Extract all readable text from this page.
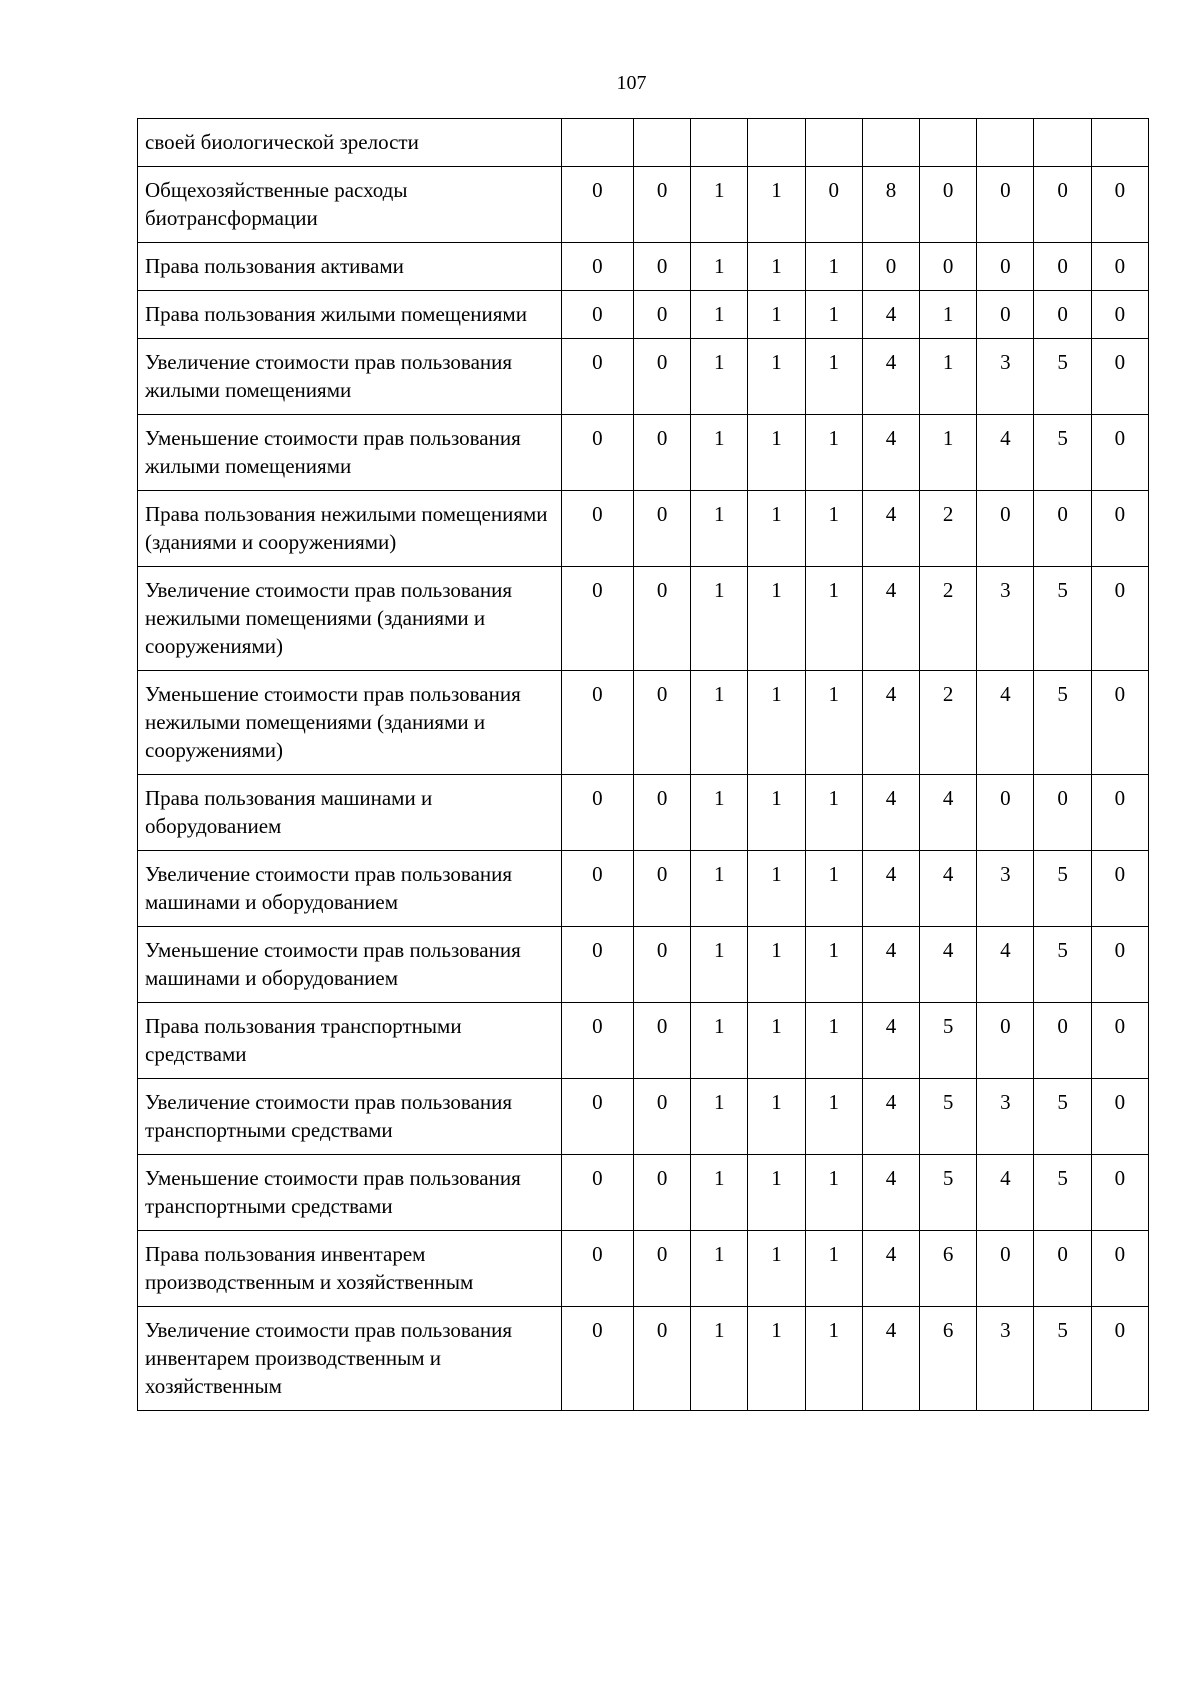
107
своей биологической зрелости										
Общехозяйственные расходы биотрансформации	0	0	1	1	0	8	0	0	0	0
Права пользования активами	0	0	1	1	1	0	0	0	0	0
Права пользования жилыми помещениями	0	0	1	1	1	4	1	0	0	0
Увеличение стоимости прав пользования жилыми помещениями	0	0	1	1	1	4	1	3	5	0
Уменьшение стоимости прав пользования жилыми помещениями	0	0	1	1	1	4	1	4	5	0
Права пользования нежилыми помещениями (зданиями и сооружениями)	0	0	1	1	1	4	2	0	0	0
Увеличение стоимости прав пользования нежилыми помещениями (зданиями и сооружениями)	0	0	1	1	1	4	2	3	5	0
Уменьшение стоимости прав пользования нежилыми помещениями (зданиями и сооружениями)	0	0	1	1	1	4	2	4	5	0
Права пользования машинами и оборудованием	0	0	1	1	1	4	4	0	0	0
Увеличение стоимости прав пользования машинами и оборудованием	0	0	1	1	1	4	4	3	5	0
Уменьшение стоимости прав пользования машинами и оборудованием	0	0	1	1	1	4	4	4	5	0
Права пользования транспортными средствами	0	0	1	1	1	4	5	0	0	0
Увеличение стоимости прав пользования транспортными средствами	0	0	1	1	1	4	5	3	5	0
Уменьшение стоимости прав пользования транспортными средствами	0	0	1	1	1	4	5	4	5	0
Права пользования инвентарем производственным и хозяйственным	0	0	1	1	1	4	6	0	0	0
Увеличение стоимости прав пользования инвентарем производственным и хозяйственным	0	0	1	1	1	4	6	3	5	0
